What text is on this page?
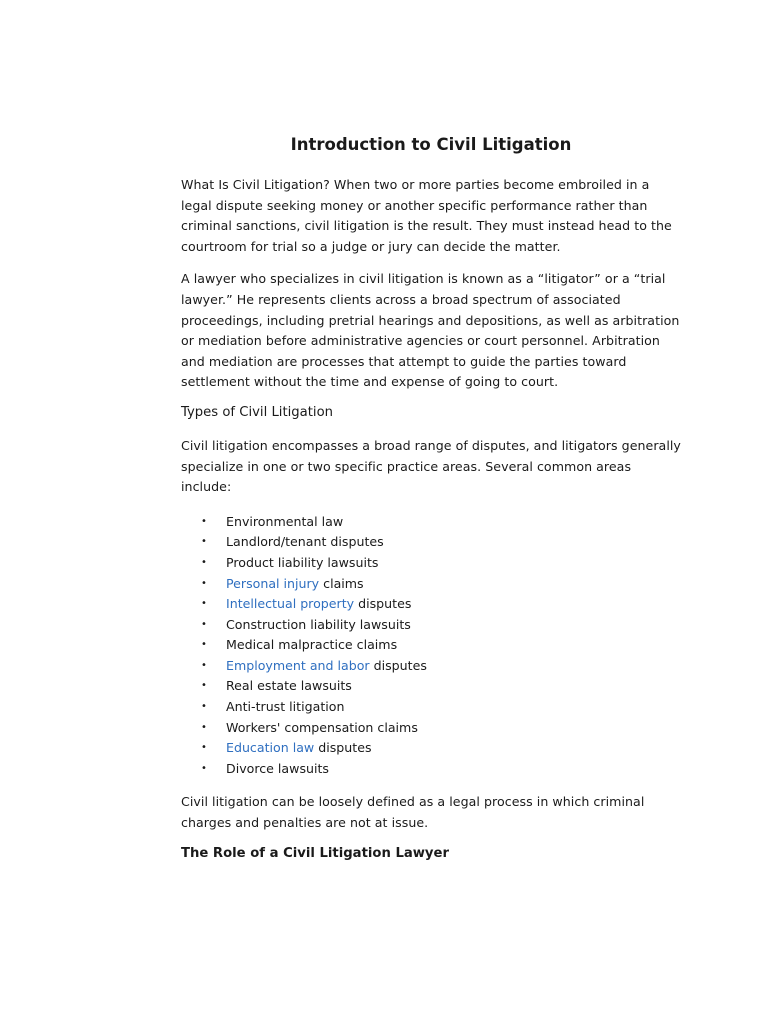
Introduction to Civil Litigation

What Is Civil Litigation? When two or more parties become embroiled in a legal dispute seeking money or another specific performance rather than criminal sanctions, civil litigation is the result. They must instead head to the courtroom for trial so a judge or jury can decide the matter.

A lawyer who specializes in civil litigation is known as a “litigator” or a “trial lawyer.” He represents clients across a broad spectrum of associated proceedings, including pretrial hearings and depositions, as well as arbitration or mediation before administrative agencies or court personnel. Arbitration and mediation are processes that attempt to guide the parties toward settlement without the time and expense of going to court.

Types of Civil Litigation

Civil litigation encompasses a broad range of disputes, and litigators generally specialize in one or two specific practice areas. Several common areas include:

• Environmental law
• Landlord/tenant disputes
• Product liability lawsuits
• Personal injury claims
• Intellectual property disputes
• Construction liability lawsuits
• Medical malpractice claims
• Employment and labor disputes
• Real estate lawsuits
• Anti-trust litigation
• Workers' compensation claims
• Education law disputes
• Divorce lawsuits

Civil litigation can be loosely defined as a legal process in which criminal charges and penalties are not at issue.

The Role of a Civil Litigation Lawyer
